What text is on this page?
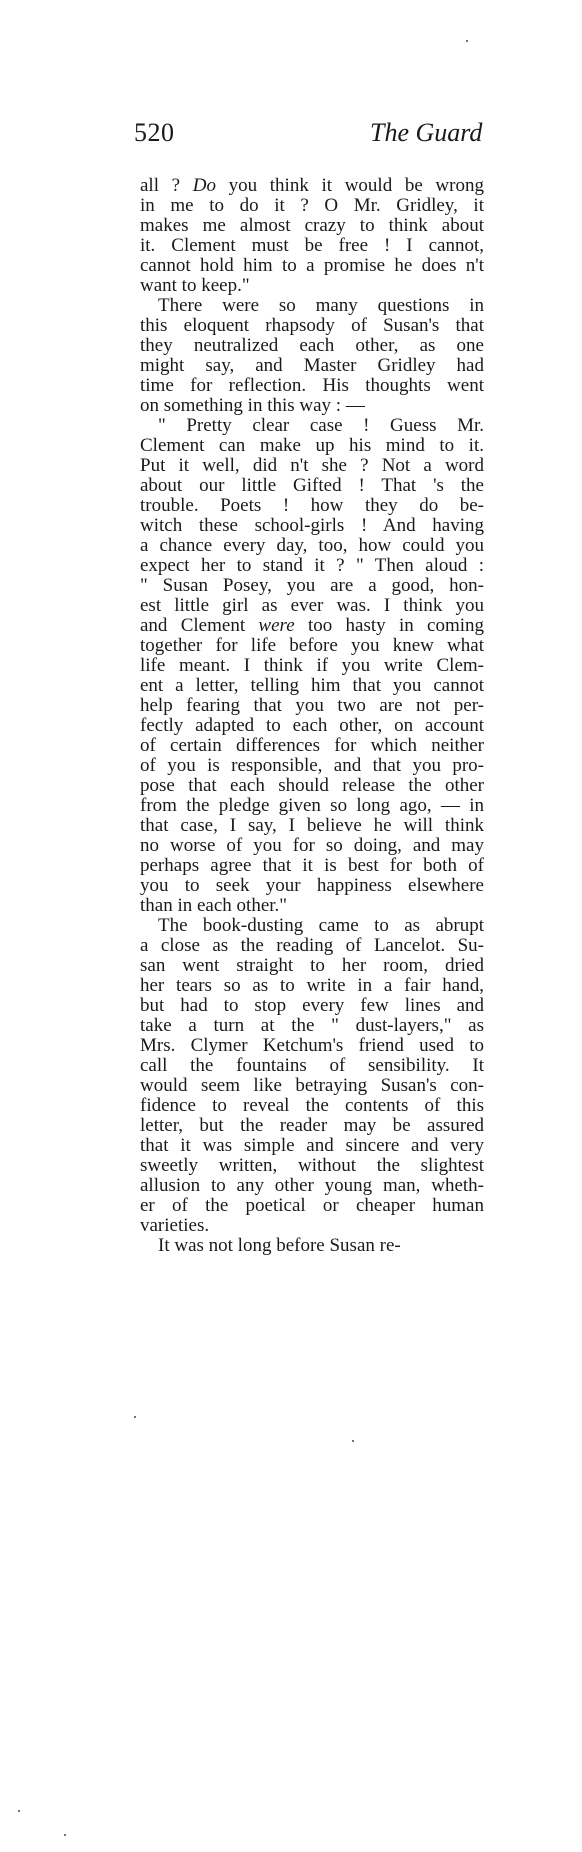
520	The Guard
all ? Do you think it would be wrong
in me to do it ? O Mr. Gridley, it
makes me almost crazy to think about
it. Clement must be free ! I cannot,
cannot hold him to a promise he does n't
want to keep."
There were so many questions in
this eloquent rhapsody of Susan's that
they neutralized each other, as one
might say, and Master Gridley had
time for reflection. His thoughts went
on something in this way : —
" Pretty clear case ! Guess Mr.
Clement can make up his mind to it.
Put it well, did n't she ? Not a word
about our little Gifted ! That 's the
trouble. Poets ! how they do be-
witch these school-girls ! And having
a chance every day, too, how could you
expect her to stand it ? " Then aloud :
" Susan Posey, you are a good, hon-
est little girl as ever was. I think you
and Clement were too hasty in coming
together for life before you knew what
life meant. I think if you write Clem-
ent a letter, telling him that you cannot
help fearing that you two are not per-
fectly adapted to each other, on account
of certain differences for which neither
of you is responsible, and that you pro-
pose that each should release the other
from the pledge given so long ago, — in
that case, I say, I believe he will think
no worse of you for so doing, and may
perhaps agree that it is best for both of
you to seek your happiness elsewhere
than in each other."
The book-dusting came to as abrupt
a close as the reading of Lancelot. Su-
san went straight to her room, dried
her tears so as to write in a fair hand,
but had to stop every few lines and
take a turn at the " dust-layers," as
Mrs. Clymer Ketchum's friend used to
call the fountains of sensibility. It
would seem like betraying Susan's con-
fidence to reveal the contents of this
letter, but the reader may be assured
that it was simple and sincere and very
sweetly written, without the slightest
allusion to any other young man, wheth-
er of the poetical or cheaper human
varieties.
It was not long before Susan re-
